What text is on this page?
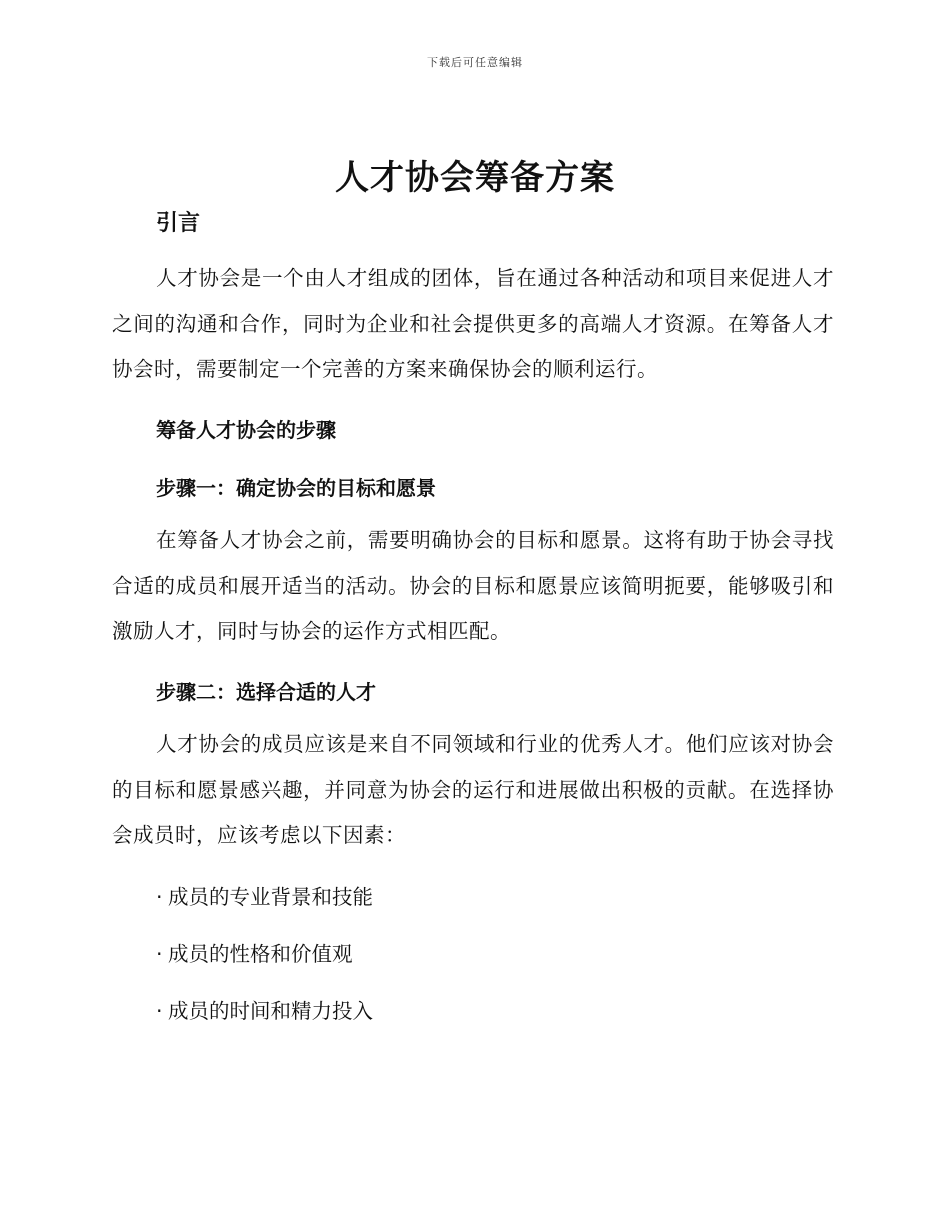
下载后可任意编辑
人才协会筹备方案
引言

人才协会是一个由人才组成的团体，旨在通过各种活动和项目来促进人才之间的沟通和合作，同时为企业和社会提供更多的高端人才资源。在筹备人才协会时，需要制定一个完善的方案来确保协会的顺利运行。

筹备人才协会的步骤
步骤一：确定协会的目标和愿景

在筹备人才协会之前，需要明确协会的目标和愿景。这将有助于协会寻找合适的成员和展开适当的活动。协会的目标和愿景应该简明扼要，能够吸引和激励人才，同时与协会的运作方式相匹配。

步骤二：选择合适的人才

人才协会的成员应该是来自不同领域和行业的优秀人才。他们应该对协会的目标和愿景感兴趣，并同意为协会的运行和进展做出积极的贡献。在选择协会成员时，应该考虑以下因素：

· 成员的专业背景和技能
· 成员的性格和价值观
· 成员的时间和精力投入
